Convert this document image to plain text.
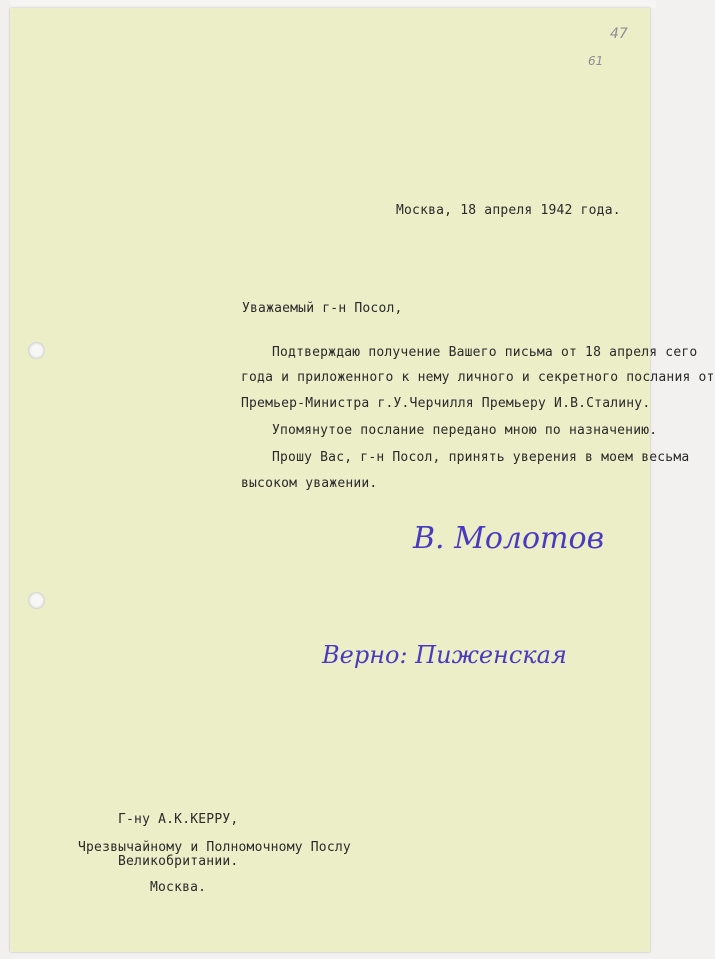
47
61
Москва, 18 апреля 1942 года.
Уважаемый г-н Посол,
Подтверждаю получение Вашего письма от 18 апреля сего
года и приложенного к нему личного и секретного послания от
Премьер-Министра г.У.Черчилля Премьеру И.В.Сталину.
Упомянутое послание передано мною по назначению.
Прошу Вас, г-н Посол, принять уверения в моем весьма
высоком уважении.
В. Молотов
Верно: Пиженская
Г-ну А.К.КЕРРУ,
Чрезвычайному и Полномочному Послу
Великобритании.
Москва.
